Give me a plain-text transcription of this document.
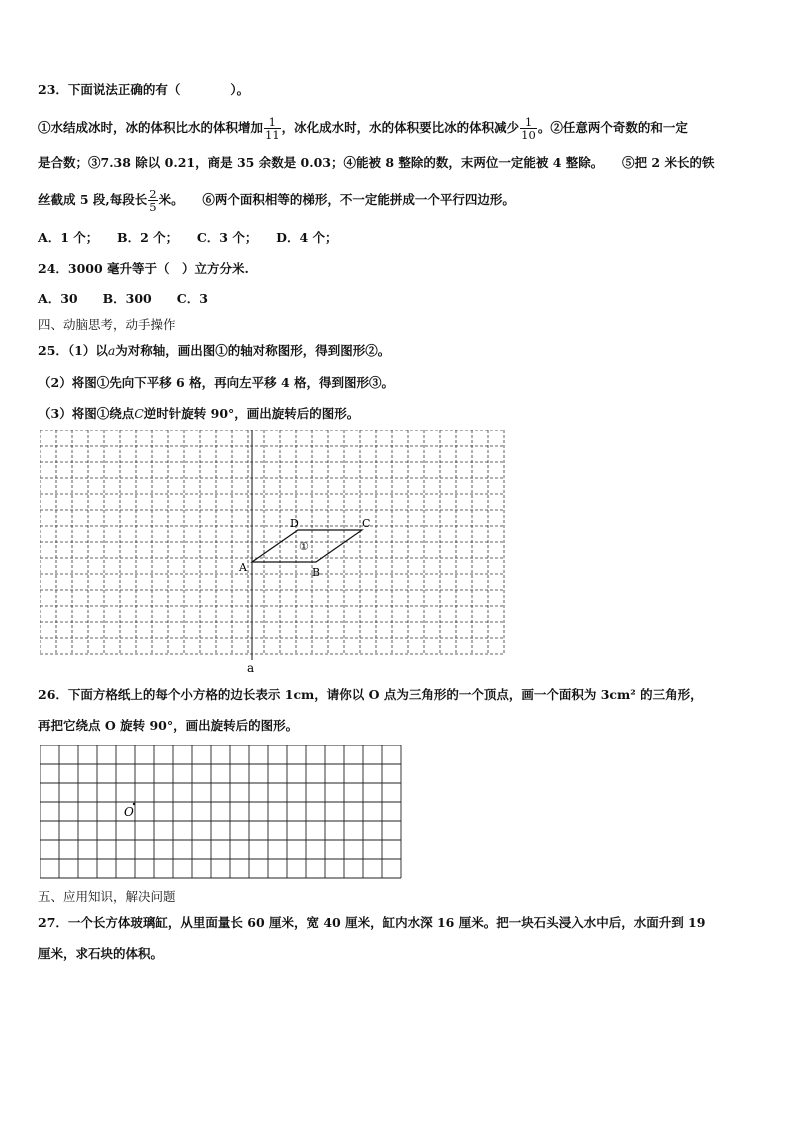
23．下面说法正确的有（　　　　）。
①水结成冰时，冰的体积比水的体积增加 $\frac{1}{11}$ ，冰化成水时，水的体积要比冰的体积减少 $\frac{1}{10}$ 。②任意两个奇数的和一定
是合数；③7.38 除以 0.21，商是 35 余数是 0.03；④能被 8 整除的数，末两位一定能被 4 整除。　　⑤把 2 米长的铁
丝截成 5 段,每段长 $\frac{2}{5}$ 米。　　⑥两个面积相等的梯形，不一定能拼成一个平行四边形。
A．1 个；　　B．2 个；　　C．3 个；　　D．4 个；
24．3000 毫升等于（　）立方分米.
A．30　　B．300　　C．3
四、动脑思考，动手操作
25．（1）以a为对称轴，画出图①的轴对称图形，得到图形②。
（2）将图①先向下平移 6 格，再向左平移 4 格，得到图形③。
（3）将图①绕点C逆时针旋转 90°，画出旋转后的图形。
A	B
C
D
①
a
26．下面方格纸上的每个小方格的边长表示 1cm，请你以 O 点为三角形的一个顶点，画一个面积为 3cm² 的三角形，
再把它绕点 O 旋转 90°，画出旋转后的图形。
O
五、应用知识，解决问题
27．一个长方体玻璃缸，从里面量长 60 厘米，宽 40 厘米，缸内水深 16 厘米。把一块石头浸入水中后，水面升到 19
厘米，求石块的体积。
